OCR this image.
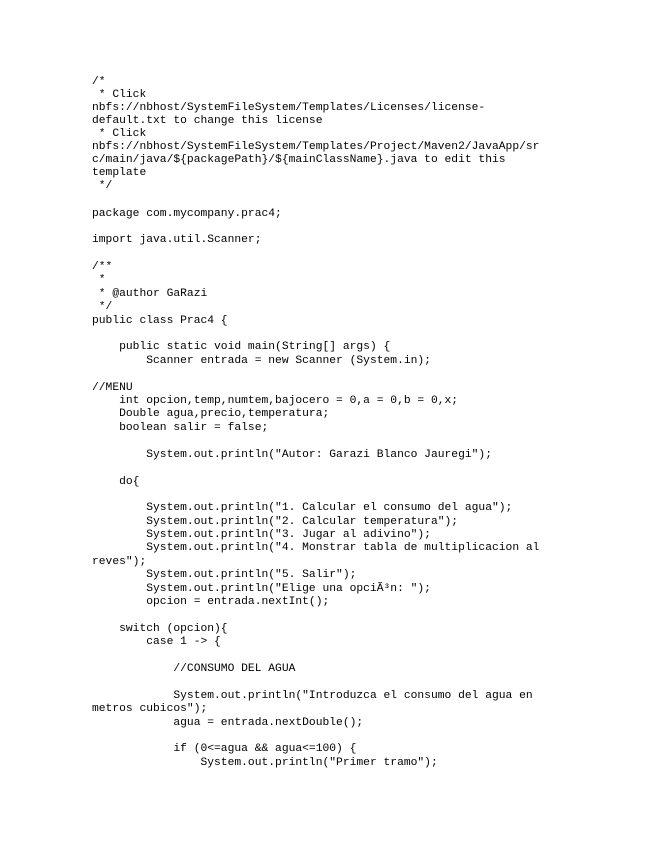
/*
* Click
nbfs://nbhost/SystemFileSystem/Templates/Licenses/license-
default.txt to change this license
* Click
nbfs://nbhost/SystemFileSystem/Templates/Project/Maven2/JavaApp/sr
c/main/java/${packagePath}/${mainClassName}.java to edit this
template
*/
package com.mycompany.prac4;
import java.util.Scanner;
/**
*
* @author GaRazi
*/
public class Prac4 {
public static void main(String[] args) {
Scanner entrada = new Scanner (System.in);
//MENU
int opcion,temp,numtem,bajocero = 0,a = 0,b = 0,x;
Double agua,precio,temperatura;
boolean salir = false;
System.out.println("Autor: Garazi Blanco Jauregi");
do{
System.out.println("1. Calcular el consumo del agua");
System.out.println("2. Calcular temperatura");
System.out.println("3. Jugar al adivino");
System.out.println("4. Monstrar tabla de multiplicacion al
reves");
System.out.println("5. Salir");
System.out.println("Elige una opciÃ³n: ");
opcion = entrada.nextInt();
switch (opcion){
case 1 -> {
//CONSUMO DEL AGUA
System.out.println("Introduzca el consumo del agua en
metros cubicos");
agua = entrada.nextDouble();
if (0<=agua && agua<=100) {
System.out.println("Primer tramo");
